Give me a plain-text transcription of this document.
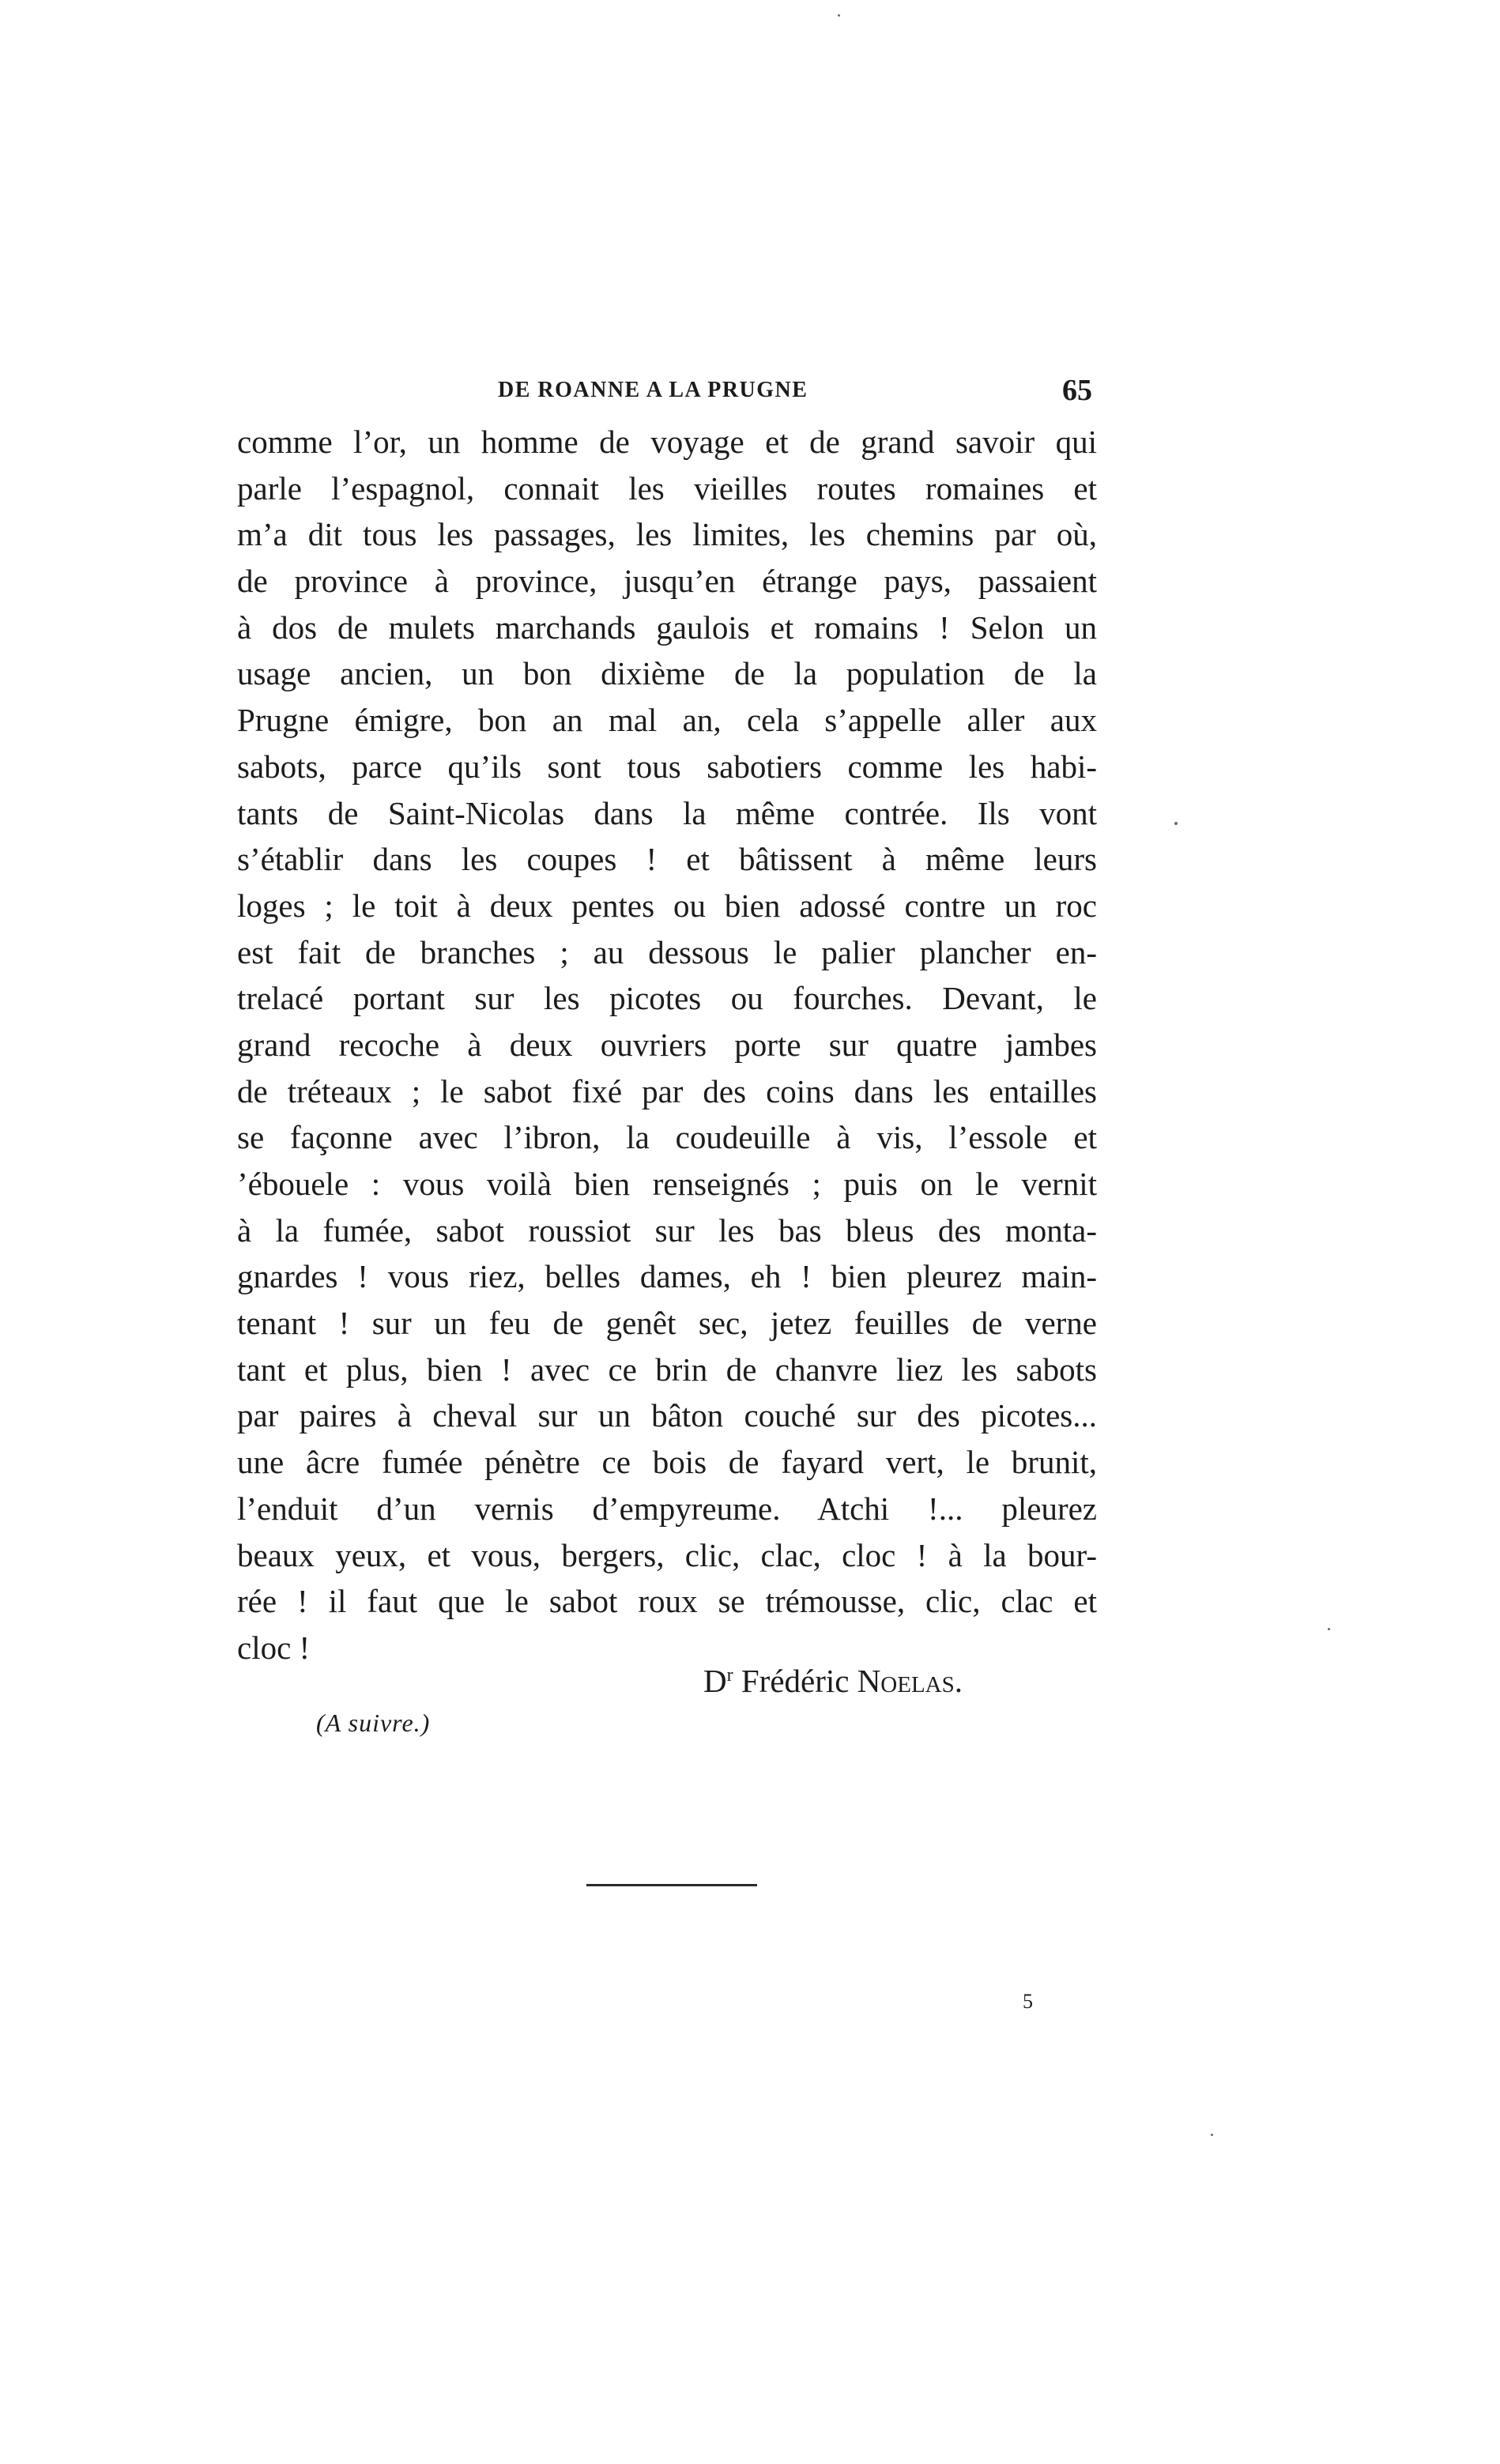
DE ROANNE A LA PRUGNE	65
comme l’or, un homme de voyage et de grand savoir qui
parle l’espagnol, connait les vieilles routes romaines et
m’a dit tous les passages, les limites, les chemins par où,
de province à province, jusqu’en étrange pays, passaient
à dos de mulets marchands gaulois et romains ! Selon un
usage ancien, un bon dixième de la population de la
Prugne émigre, bon an mal an, cela s’appelle aller aux
sabots, parce qu’ils sont tous sabotiers comme les habi-
tants de Saint-Nicolas dans la même contrée. Ils vont
s’établir dans les coupes ! et bâtissent à même leurs
loges ; le toit à deux pentes ou bien adossé contre un roc
est fait de branches ; au dessous le palier plancher en-
trelacé portant sur les picotes ou fourches. Devant, le
grand recoche à deux ouvriers porte sur quatre jambes
de tréteaux ; le sabot fixé par des coins dans les entailles
se façonne avec l’ibron, la coudeuille à vis, l’essole et
’ébouele : vous voilà bien renseignés ; puis on le vernit
à la fumée, sabot roussiot sur les bas bleus des monta-
gnardes ! vous riez, belles dames, eh ! bien pleurez main-
tenant ! sur un feu de genêt sec, jetez feuilles de verne
tant et plus, bien ! avec ce brin de chanvre liez les sabots
par paires à cheval sur un bâton couché sur des picotes...
une âcre fumée pénètre ce bois de fayard vert, le brunit,
l’enduit d’un vernis d’empyreume. Atchi !... pleurez
beaux yeux, et vous, bergers, clic, clac, cloc ! à la bour-
rée ! il faut que le sabot roux se trémousse, clic, clac et
cloc !
$D^r$ Frédéric Noelas.
(A suivre.)
5
